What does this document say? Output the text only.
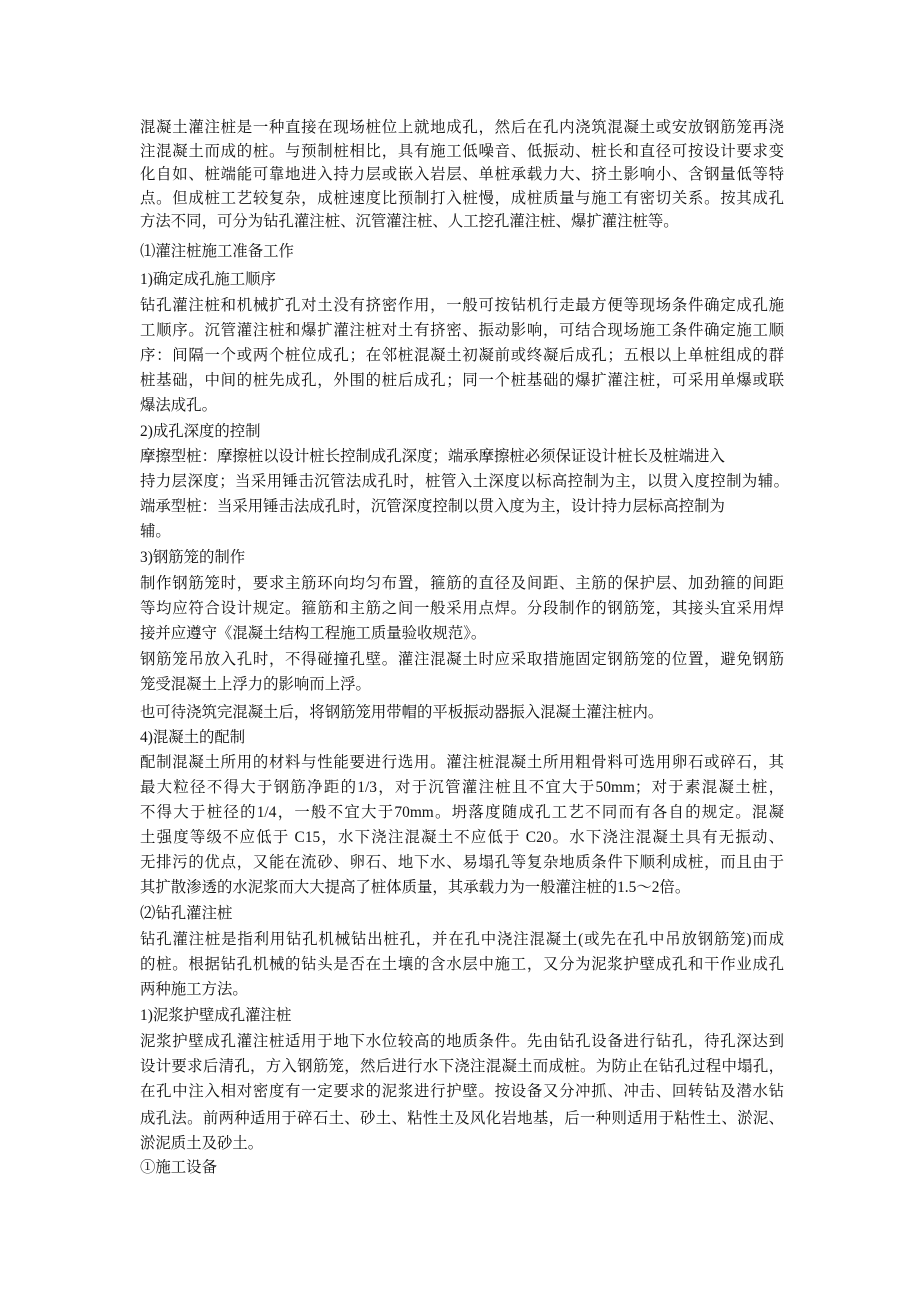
混凝土灌注桩是一种直接在现场桩位上就地成孔，然后在孔内浇筑混凝土或安放钢筋笼再浇
注混凝土而成的桩。与预制桩相比，具有施工低噪音、低振动、桩长和直径可按设计要求变
化自如、桩端能可靠地进入持力层或嵌入岩层、单桩承载力大、挤土影响小、含钢量低等特
点。但成桩工艺较复杂，成桩速度比预制打入桩慢，成桩质量与施工有密切关系。按其成孔
方法不同，可分为钻孔灌注桩、沉管灌注桩、人工挖孔灌注桩、爆扩灌注桩等。
⑴灌注桩施工准备工作
1)确定成孔施工顺序
钻孔灌注桩和机械扩孔对土没有挤密作用，一般可按钻机行走最方便等现场条件确定成孔施
工顺序。沉管灌注桩和爆扩灌注桩对土有挤密、振动影响，可结合现场施工条件确定施工顺
序：间隔一个或两个桩位成孔；在邻桩混凝土初凝前或终凝后成孔；五根以上单桩组成的群
桩基础，中间的桩先成孔，外围的桩后成孔；同一个桩基础的爆扩灌注桩，可采用单爆或联
爆法成孔。
2)成孔深度的控制
摩擦型桩：摩擦桩以设计桩长控制成孔深度；端承摩擦桩必须保证设计桩长及桩端进入
持力层深度；当采用锤击沉管法成孔时，桩管入土深度以标高控制为主，以贯入度控制为辅。
端承型桩：当采用锤击法成孔时，沉管深度控制以贯入度为主，设计持力层标高控制为
辅。
3)钢筋笼的制作
制作钢筋笼时，要求主筋环向均匀布置，箍筋的直径及间距、主筋的保护层、加劲箍的间距
等均应符合设计规定。箍筋和主筋之间一般采用点焊。分段制作的钢筋笼，其接头宜采用焊
接并应遵守《混凝土结构工程施工质量验收规范》。
钢筋笼吊放入孔时，不得碰撞孔壁。灌注混凝土时应采取措施固定钢筋笼的位置，避免钢筋
笼受混凝土上浮力的影响而上浮。
也可待浇筑完混凝土后，将钢筋笼用带帽的平板振动器振入混凝土灌注桩内。
4)混凝土的配制
配制混凝土所用的材料与性能要进行选用。灌注桩混凝土所用粗骨料可选用卵石或碎石，其
最大粒径不得大于钢筋净距的1/3，对于沉管灌注桩且不宜大于50mm；对于素混凝土桩，
不得大于桩径的1/4，一般不宜大于70mm。坍落度随成孔工艺不同而有各自的规定。混凝
土强度等级不应低于 C15，水下浇注混凝土不应低于 C20。水下浇注混凝土具有无振动、
无排污的优点，又能在流砂、卵石、地下水、易塌孔等复杂地质条件下顺利成桩，而且由于
其扩散渗透的水泥浆而大大提高了桩体质量，其承载力为一般灌注桩的1.5～2倍。
⑵钻孔灌注桩
钻孔灌注桩是指利用钻孔机械钻出桩孔，并在孔中浇注混凝土(或先在孔中吊放钢筋笼)而成
的桩。根据钻孔机械的钻头是否在土壤的含水层中施工，又分为泥浆护壁成孔和干作业成孔
两种施工方法。
1)泥浆护壁成孔灌注桩
泥浆护壁成孔灌注桩适用于地下水位较高的地质条件。先由钻孔设备进行钻孔，待孔深达到
设计要求后清孔，方入钢筋笼，然后进行水下浇注混凝土而成桩。为防止在钻孔过程中塌孔，
在孔中注入相对密度有一定要求的泥浆进行护壁。按设备又分冲抓、冲击、回转钻及潜水钻
成孔法。前两种适用于碎石土、砂土、粘性土及风化岩地基，后一种则适用于粘性土、淤泥、
淤泥质土及砂土。
①施工设备
